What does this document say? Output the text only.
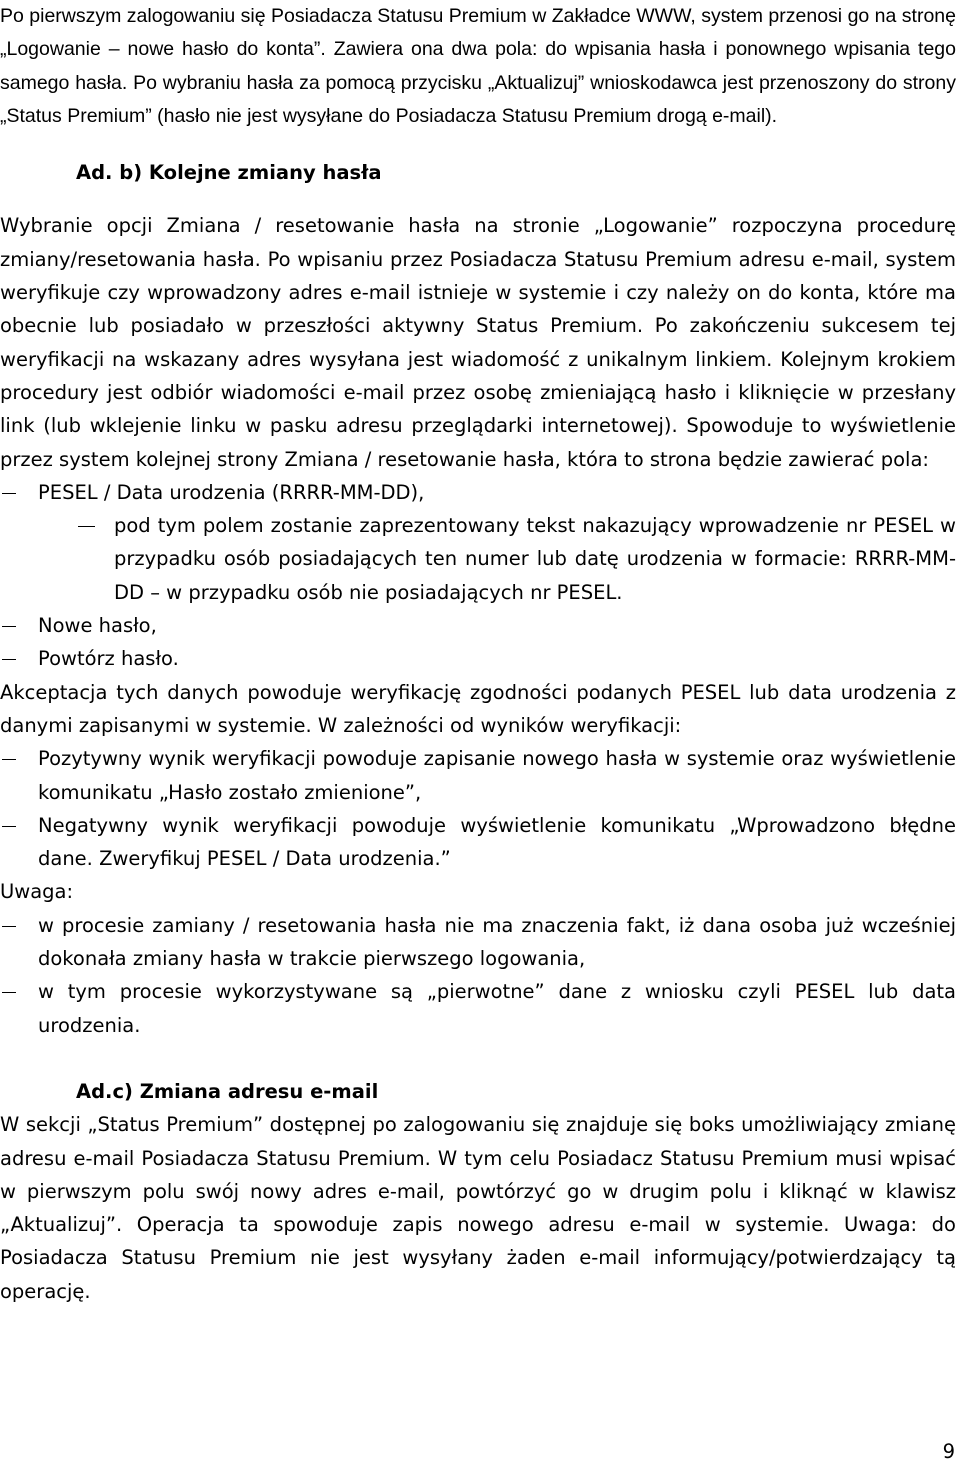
Po pierwszym zalogowaniu się Posiadacza Statusu Premium w Zakładce WWW, system przenosi go na stronę „Logowanie – nowe hasło do konta”. Zawiera ona dwa pola: do wpisania hasła i ponownego wpisania tego samego hasła. Po wybraniu hasła za pomocą przycisku „Aktualizuj” wnioskodawca jest przenoszony do strony „Status Premium” (hasło nie jest wysyłane do Posiadacza Statusu Premium drogą e-mail).

Ad. b) Kolejne zmiany hasła

Wybranie opcji Zmiana / resetowanie hasła na stronie „Logowanie” rozpoczyna procedurę zmiany/resetowania hasła. Po wpisaniu przez Posiadacza Statusu Premium adresu e-mail, system weryfikuje czy wprowadzony adres e-mail istnieje w systemie i czy należy on do konta, które ma obecnie lub posiadało w przeszłości aktywny Status Premium. Po zakończeniu sukcesem tej weryfikacji na wskazany adres wysyłana jest wiadomość z unikalnym linkiem. Kolejnym krokiem procedury jest odbiór wiadomości e-mail przez osobę zmieniającą hasło i kliknięcie w przesłany link (lub wklejenie linku w pasku adresu przeglądarki internetowej). Spowoduje to wyświetlenie przez system kolejnej strony Zmiana / resetowanie hasła, która to strona będzie zawierać pola:

PESEL / Data urodzenia (RRRR-MM-DD),
pod tym polem zostanie zaprezentowany tekst nakazujący wprowadzenie nr PESEL w przypadku osób posiadających ten numer lub datę urodzenia w formacie: RRRR-MM-DD – w przypadku osób nie posiadających nr PESEL.
Nowe hasło,
Powtórz hasło.

Akceptacja tych danych powoduje weryfikację zgodności podanych PESEL lub data urodzenia z danymi zapisanymi w systemie. W zależności od wyników weryfikacji:

Pozytywny wynik weryfikacji powoduje zapisanie nowego hasła w systemie oraz wyświetlenie komunikatu „Hasło zostało zmienione”,
Negatywny wynik weryfikacji powoduje wyświetlenie komunikatu „Wprowadzono błędne dane. Zweryfikuj PESEL / Data urodzenia.”

Uwaga:

w procesie zamiany / resetowania hasła nie ma znaczenia fakt, iż dana osoba już wcześniej dokonała zmiany hasła w trakcie pierwszego logowania,
w tym procesie wykorzystywane są „pierwotne” dane z wniosku czyli PESEL lub data urodzenia.

Ad.c) Zmiana adresu e-mail

W sekcji „Status Premium” dostępnej po zalogowaniu się znajduje się boks umożliwiający zmianę adresu e-mail Posiadacza Statusu Premium. W tym celu Posiadacz Statusu Premium musi wpisać w pierwszym polu swój nowy adres e-mail, powtórzyć go w drugim polu i kliknąć w klawisz „Aktualizuj”. Operacja ta spowoduje zapis nowego adresu e-mail w systemie. Uwaga: do Posiadacza Statusu Premium nie jest wysyłany żaden e-mail informujący/potwierdzający tą operację.

9
